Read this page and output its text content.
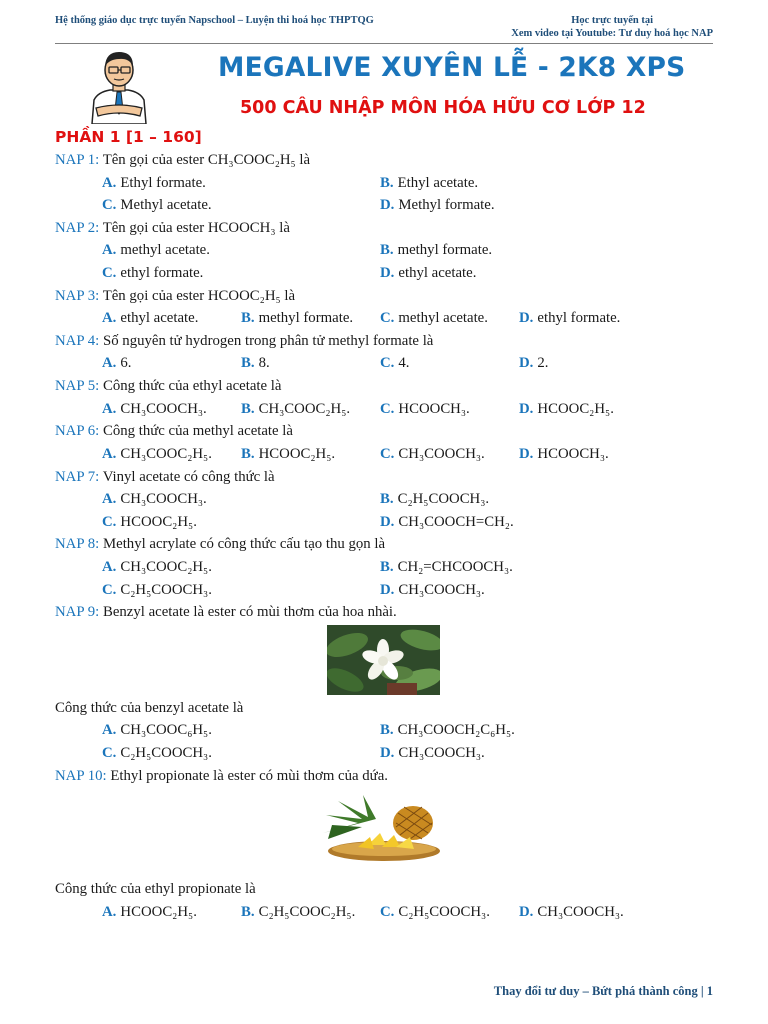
Hệ thống giáo dục trực tuyến Napschool – Luyện thi hoá học THPTQG	Học trực tuyến tại
Xem video tại Youtube: Tư duy hoá học NAP
MEGALIVE XUYÊN LỄ - 2K8 XPS
500 CÂU NHẬP MÔN HÓA HỮU CƠ LỚP 12
PHẦN 1 [1 – 160]
NAP 1: Tên gọi của ester CH₃COOC₂H₅ là
A. Ethyl formate.	B. Ethyl acetate.
C. Methyl acetate.	D. Methyl formate.
NAP 2: Tên gọi của ester HCOOCH₃ là
A. methyl acetate.	B. methyl formate.
C. ethyl formate.	D. ethyl acetate.
NAP 3: Tên gọi của ester HCOOC₂H₅ là
A. ethyl acetate.	B. methyl formate. C. methyl acetate. D. ethyl formate.
NAP 4: Số nguyên tử hydrogen trong phân tử methyl formate là
A. 6.	B. 8.	C. 4.	D. 2.
NAP 5: Công thức của ethyl acetate là
A. CH₃COOCH₃. B. CH₃COOC₂H₅. C. HCOOCH₃.	D. HCOOC₂H₅.
NAP 6: Công thức của methyl acetate là
A. CH₃COOC₂H₅. B. HCOOC₂H₅.	C. CH₃COOCH₃. D. HCOOCH₃.
NAP 7: Vinyl acetate có công thức là
A. CH₃COOCH₃.	B. C₂H₅COOCH₃.
C. HCOOC₂H₅.	D. CH₃COOCH=CH₂.
NAP 8: Methyl acrylate có công thức cấu tạo thu gọn là
A. CH₃COOC₂H₅.	B. CH₂=CHCOOCH₃.
C. C₂H₅COOCH₃.	D. CH₃COOCH₃.
NAP 9: Benzyl acetate là ester có mùi thơm của hoa nhài.
Công thức của benzyl acetate là
A. CH₃COOC₆H₅.	B. CH₃COOCH₂C₆H₅.
C. C₂H₅COOCH₃.	D. CH₃COOCH₃.
NAP 10: Ethyl propionate là ester có mùi thơm của dứa.
Công thức của ethyl propionate là
A. HCOOC₂H₅.	B. C₂H₅COOC₂H₅. C. C₂H₅COOCH₃. D. CH₃COOCH₃.
Thay đổi tư duy – Bứt phá thành công | 1
